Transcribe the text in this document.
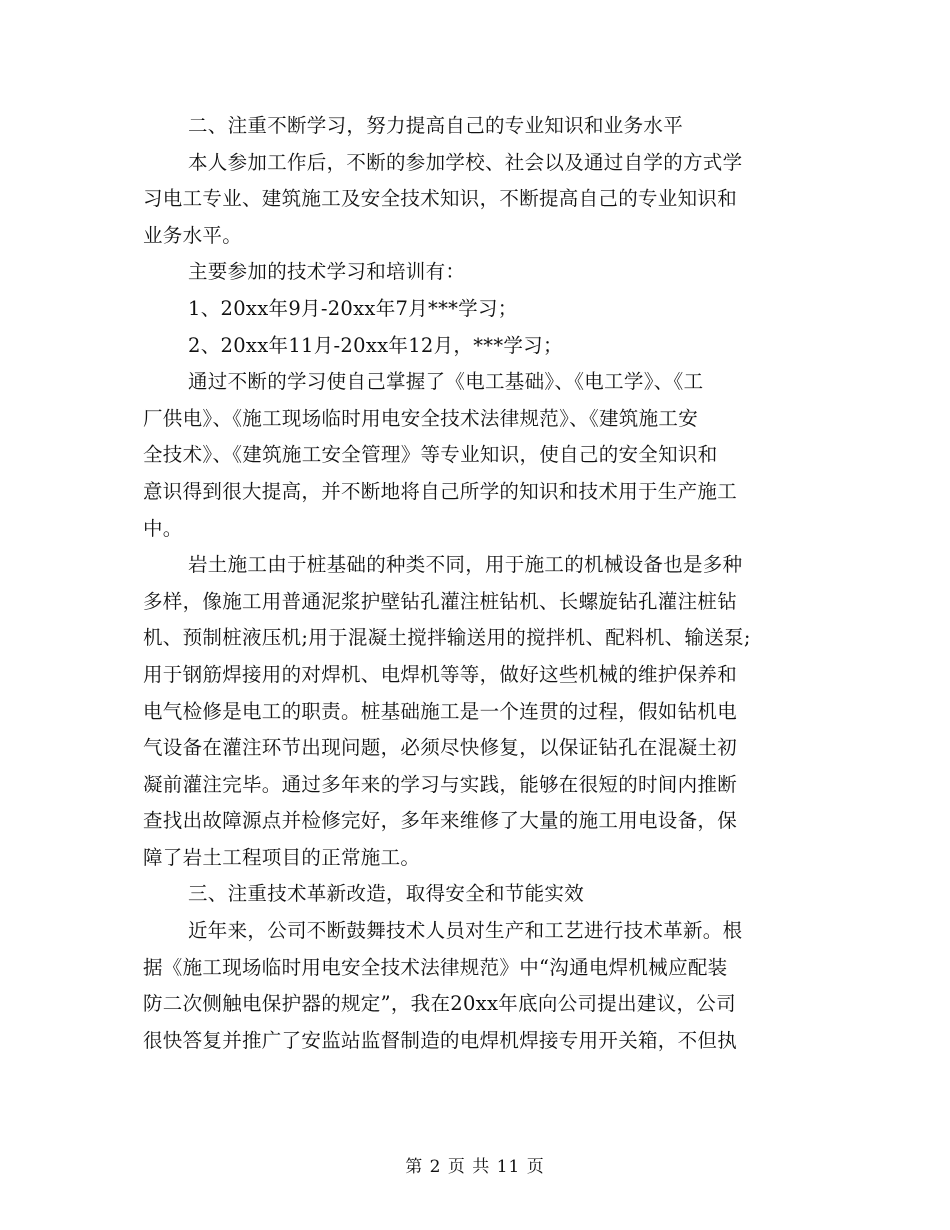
二、注重不断学习，努力提高自己的专业知识和业务水平
本人参加工作后，不断的参加学校、社会以及通过自学的方式学
习电工专业、建筑施工及安全技术知识，不断提高自己的专业知识和
业务水平。
主要参加的技术学习和培训有：
1、20xx年9月-20xx年7月***学习；
2、20xx年11月-20xx年12月，***学习；
通过不断的学习使自己掌握了《电工基础》、《电工学》、《工
厂供电》、《施工现场临时用电安全技术法律规范》、《建筑施工安
全技术》、《建筑施工安全管理》等专业知识，使自己的安全知识和
意识得到很大提高，并不断地将自己所学的知识和技术用于生产施工
中。
岩土施工由于桩基础的种类不同，用于施工的机械设备也是多种
多样，像施工用普通泥浆护壁钻孔灌注桩钻机、长螺旋钻孔灌注桩钻
机、预制桩液压机;用于混凝土搅拌输送用的搅拌机、配料机、输送泵;
用于钢筋焊接用的对焊机、电焊机等等，做好这些机械的维护保养和
电气检修是电工的职责。桩基础施工是一个连贯的过程，假如钻机电
气设备在灌注环节出现问题，必须尽快修复，以保证钻孔在混凝土初
凝前灌注完毕。通过多年来的学习与实践，能够在很短的时间内推断
查找出故障源点并检修完好，多年来维修了大量的施工用电设备，保
障了岩土工程项目的正常施工。
三、注重技术革新改造，取得安全和节能实效
近年来，公司不断鼓舞技术人员对生产和工艺进行技术革新。根
据《施工现场临时用电安全技术法律规范》中“沟通电焊机械应配装
防二次侧触电保护器的规定”，我在20xx年底向公司提出建议，公司
很快答复并推广了安监站监督制造的电焊机焊接专用开关箱，不但执
第 2 页 共 11 页
